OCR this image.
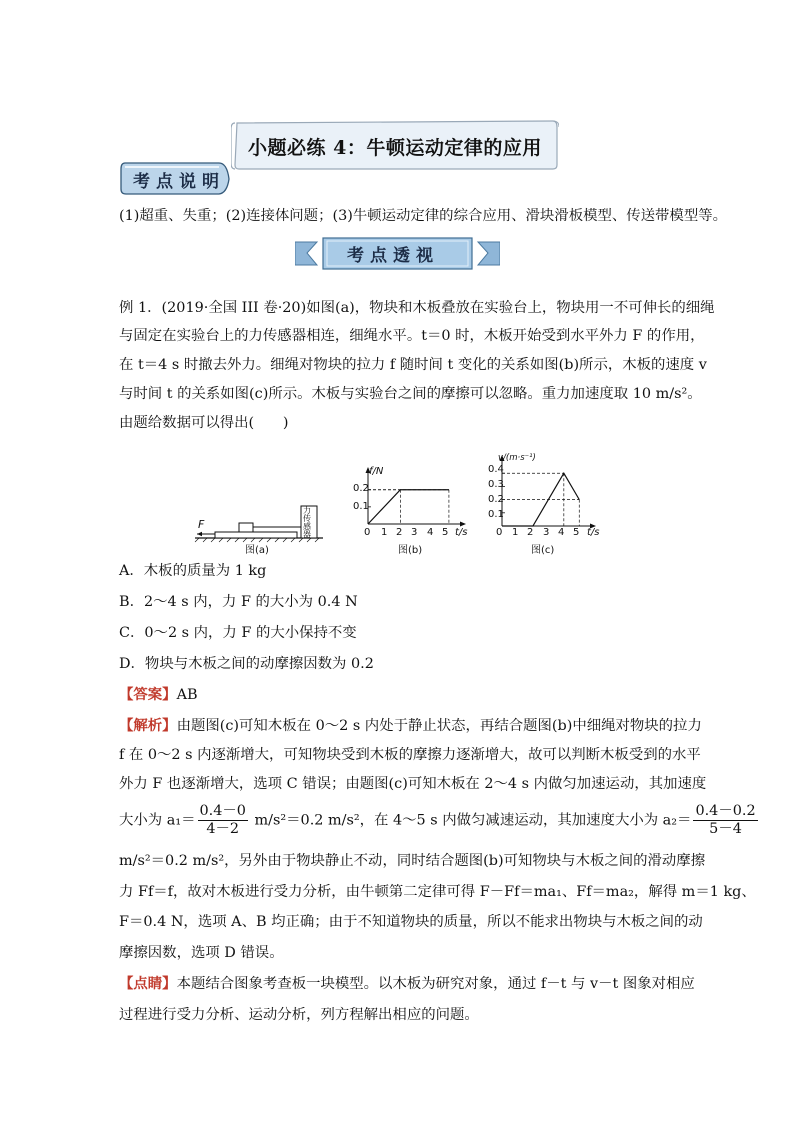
小题必练 4：牛顿运动定律的应用
考点说明
考点透视
(1)超重、失重；(2)连接体问题；(3)牛顿运动定律的综合应用、滑块滑板模型、传送带模型等。
例 1．(2019·全国 III 卷·20)如图(a)，物块和木板叠放在实验台上，物块用一不可伸长的细绳
与固定在实验台上的力传感器相连，细绳水平。t＝0 时，木板开始受到水平外力 F 的作用，
在 t＝4 s 时撤去外力。细绳对物块的拉力 f 随时间 t 变化的关系如图(b)所示，木板的速度 v
与时间 t 的关系如图(c)所示。木板与实验台之间的摩擦可以忽略。重力加速度取 10 m/s²。
由题给数据可以得出(　　)
F
力传感器
图(a)
f/N
t/s
0
0.1
0.2
1 2 3 4 5
图(b)
v/(m·s⁻¹)
t/s
0
0.1
0.2
0.3
0.4
1 2 3 4 5
图(c)
A．木板的质量为 1 kg
B．2～4 s 内，力 F 的大小为 0.4 N
C．0～2 s 内，力 F 的大小保持不变
D．物块与木板之间的动摩擦因数为 0.2
【答案】AB
【解析】由题图(c)可知木板在 0～2 s 内处于静止状态，再结合题图(b)中细绳对物块的拉力
f 在 0～2 s 内逐渐增大，可知物块受到木板的摩擦力逐渐增大，故可以判断木板受到的水平
外力 F 也逐渐增大，选项 C 错误；由题图(c)可知木板在 2～4 s 内做匀加速运动，其加速度
大小为 $a_1= \frac{0.4-0}{4-2} m/s^2=0.2$ m/s²，在 4～5 s 内做匀减速运动，其加速度大小为 $a_2= \frac{0.4-0.2}{5-4}$
m/s²＝0.2 m/s²，另外由于物块静止不动，同时结合题图(b)可知物块与木板之间的滑动摩擦
力 Ff＝f，故对木板进行受力分析，由牛顿第二定律可得 F－Ff＝ma₁、Ff＝ma₂，解得 m＝1 kg、
F＝0.4 N，选项 A、B 均正确；由于不知道物块的质量，所以不能求出物块与木板之间的动
摩擦因数，选项 D 错误。
【点睛】本题结合图象考查板一块模型。以木板为研究对象，通过 f－t 与 v－t 图象对相应
过程进行受力分析、运动分析，列方程解出相应的问题。
